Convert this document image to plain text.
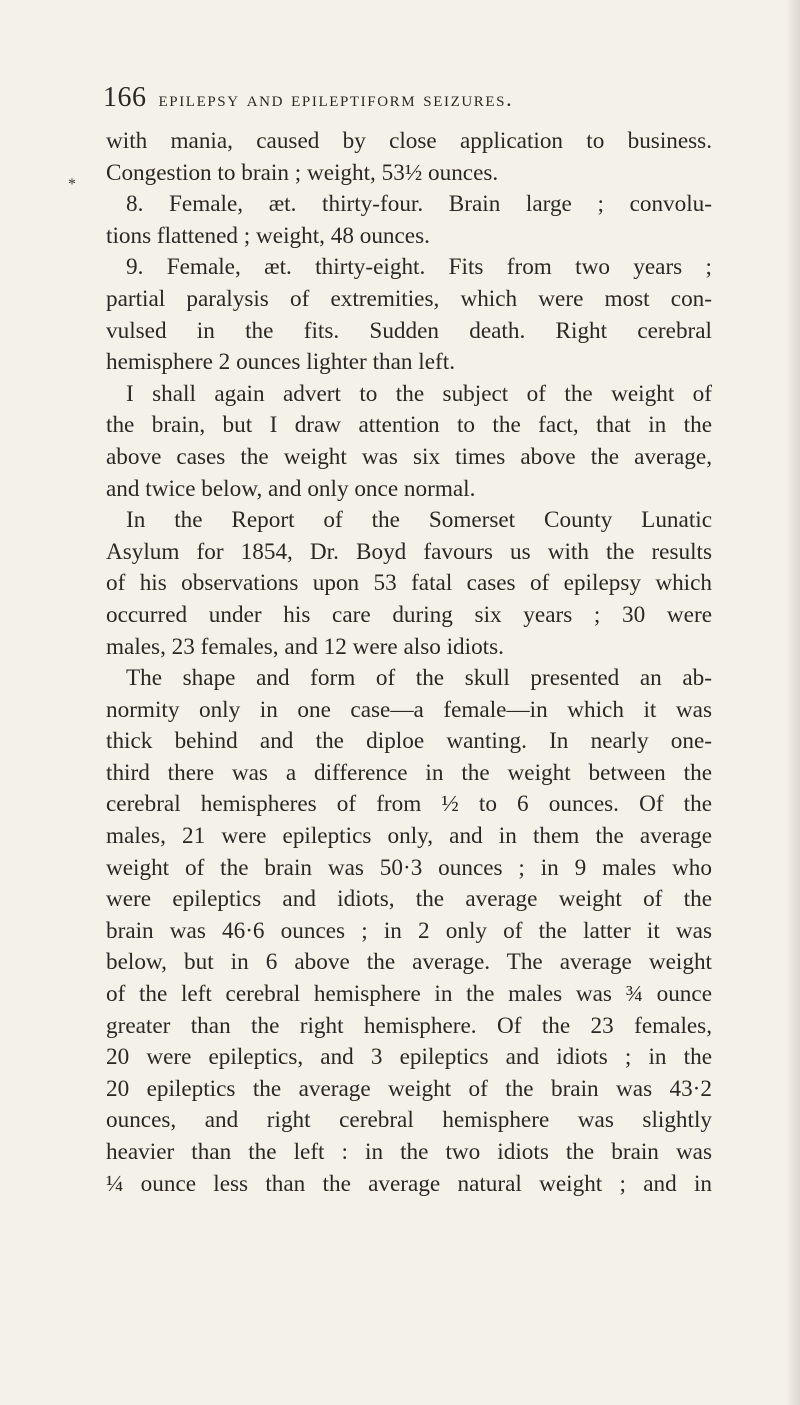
166 epilepsy and epileptiform seizures.
*
with mania, caused by close application to business.
Congestion to brain ; weight, 53½ ounces.
8. Female, æt. thirty-four. Brain large ; convolu-
tions flattened ; weight, 48 ounces.
9. Female, æt. thirty-eight. Fits from two years ;
partial paralysis of extremities, which were most con-
vulsed in the fits. Sudden death. Right cerebral
hemisphere 2 ounces lighter than left.
I shall again advert to the subject of the weight of
the brain, but I draw attention to the fact, that in the
above cases the weight was six times above the average,
and twice below, and only once normal.
In the Report of the Somerset County Lunatic
Asylum for 1854, Dr. Boyd favours us with the results
of his observations upon 53 fatal cases of epilepsy which
occurred under his care during six years ; 30 were
males, 23 females, and 12 were also idiots.
The shape and form of the skull presented an ab-
normity only in one case—a female—in which it was
thick behind and the diploe wanting. In nearly one-
third there was a difference in the weight between the
cerebral hemispheres of from ½ to 6 ounces. Of the
males, 21 were epileptics only, and in them the average
weight of the brain was 50·3 ounces ; in 9 males who
were epileptics and idiots, the average weight of the
brain was 46·6 ounces ; in 2 only of the latter it was
below, but in 6 above the average. The average weight
of the left cerebral hemisphere in the males was ¾ ounce
greater than the right hemisphere. Of the 23 females,
20 were epileptics, and 3 epileptics and idiots ; in the
20 epileptics the average weight of the brain was 43·2
ounces, and right cerebral hemisphere was slightly
heavier than the left : in the two idiots the brain was
¼ ounce less than the average natural weight ; and in
